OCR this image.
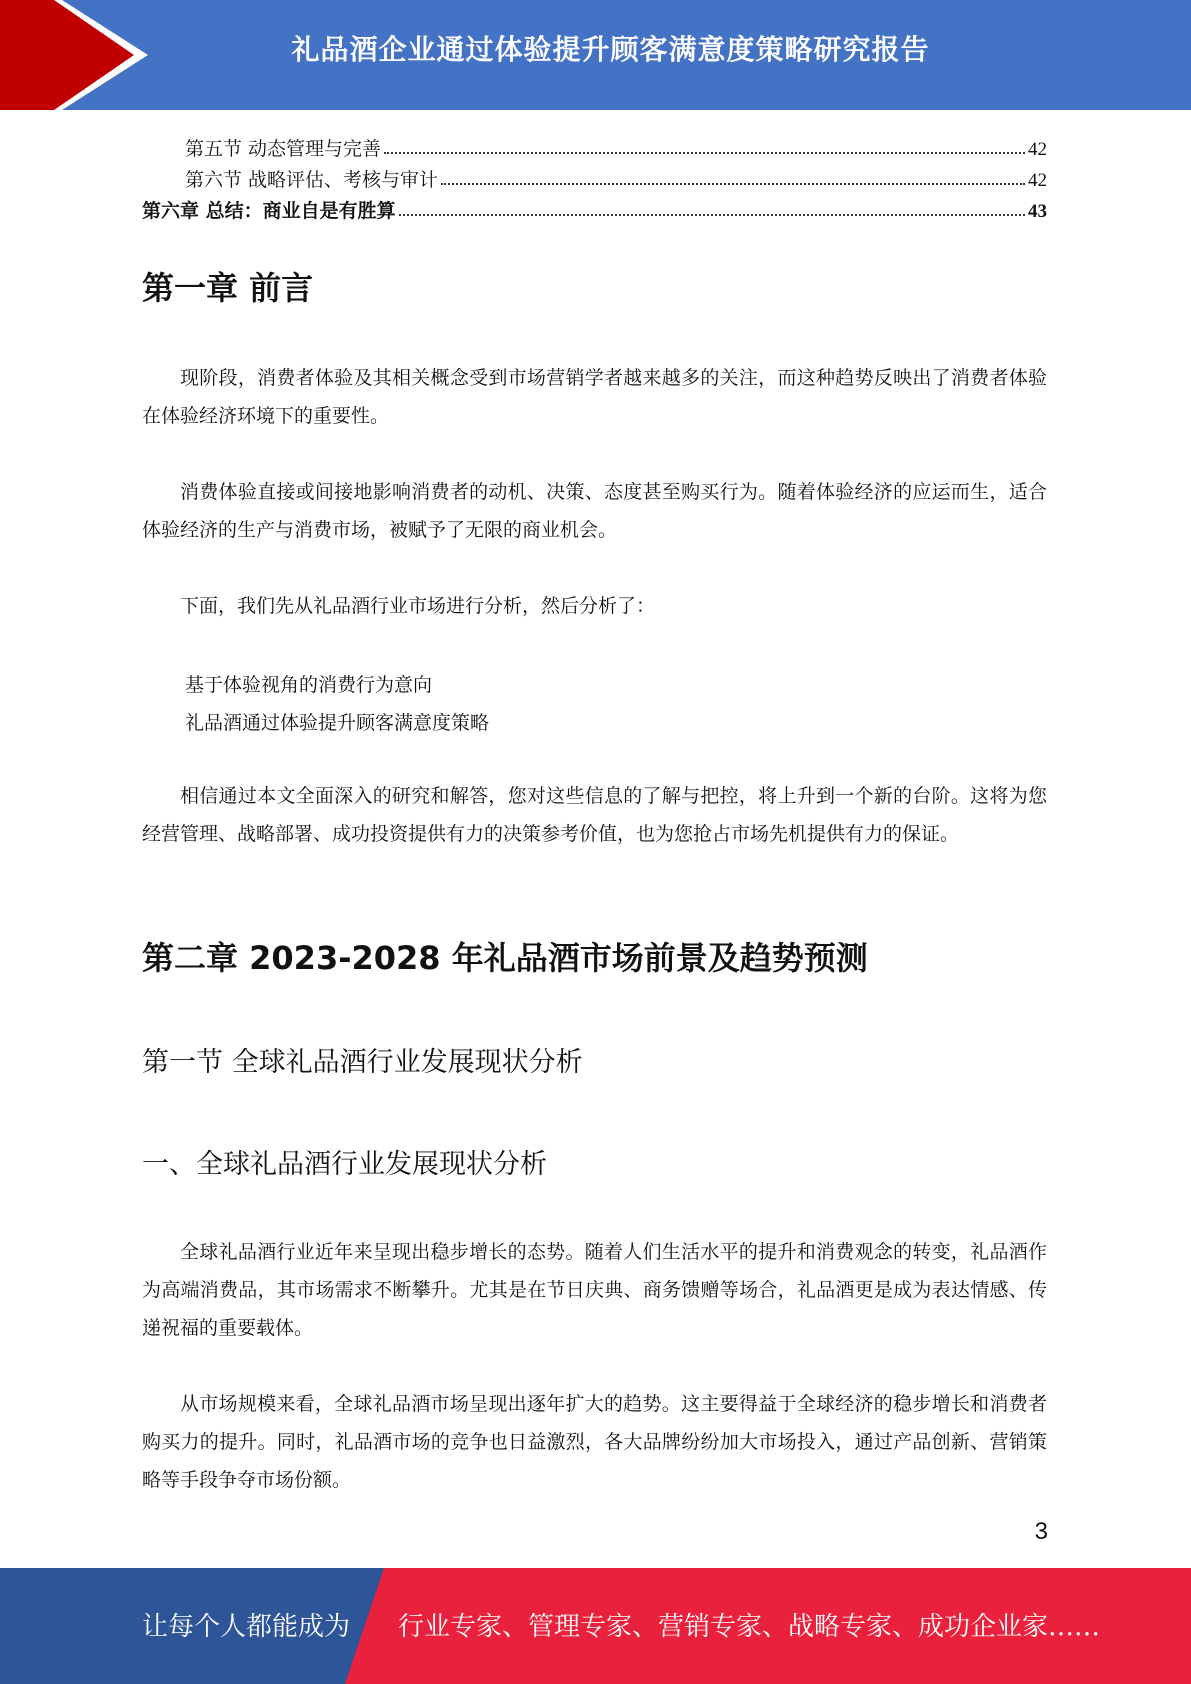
礼品酒企业通过体验提升顾客满意度策略研究报告
第五节 动态管理与完善	42
第六节 战略评估、考核与审计	42
第六章 总结：商业自是有胜算	43
第一章 前言

现阶段，消费者体验及其相关概念受到市场营销学者越来越多的关注，而这种趋势反映出了消费者体验在体验经济环境下的重要性。

消费体验直接或间接地影响消费者的动机、决策、态度甚至购买行为。随着体验经济的应运而生，适合体验经济的生产与消费市场，被赋予了无限的商业机会。

下面，我们先从礼品酒行业市场进行分析，然后分析了：

基于体验视角的消费行为意向

礼品酒通过体验提升顾客满意度策略

相信通过本文全面深入的研究和解答，您对这些信息的了解与把控，将上升到一个新的台阶。这将为您经营管理、战略部署、成功投资提供有力的决策参考价值，也为您抢占市场先机提供有力的保证。

第二章 2023-2028 年礼品酒市场前景及趋势预测
第一节 全球礼品酒行业发展现状分析
一、全球礼品酒行业发展现状分析

全球礼品酒行业近年来呈现出稳步增长的态势。随着人们生活水平的提升和消费观念的转变，礼品酒作为高端消费品，其市场需求不断攀升。尤其是在节日庆典、商务馈赠等场合，礼品酒更是成为表达情感、传递祝福的重要载体。

从市场规模来看，全球礼品酒市场呈现出逐年扩大的趋势。这主要得益于全球经济的稳步增长和消费者购买力的提升。同时，礼品酒市场的竞争也日益激烈，各大品牌纷纷加大市场投入，通过产品创新、营销策略等手段争夺市场份额。

3
让每个人都能成为 行业专家、管理专家、营销专家、战略专家、成功企业家……
